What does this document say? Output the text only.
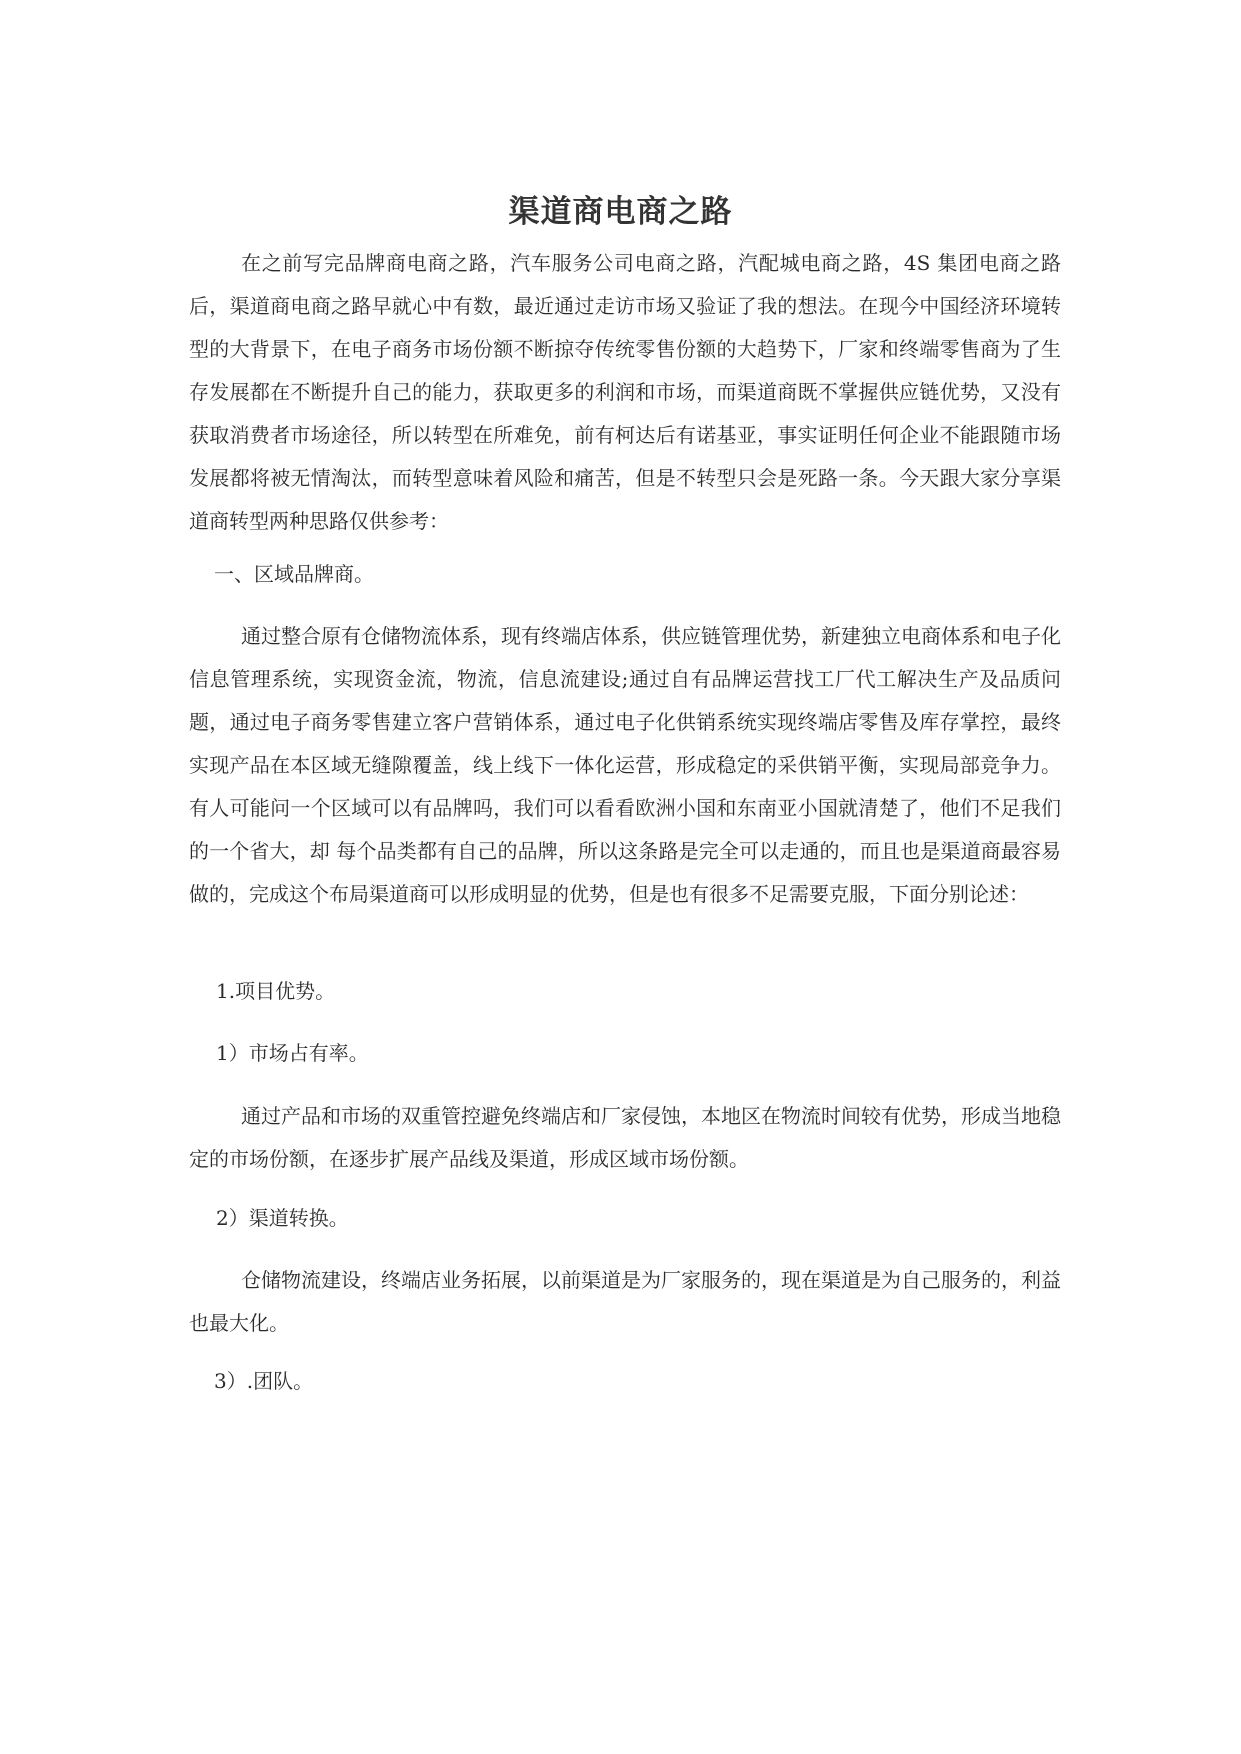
渠道商电商之路

在之前写完品牌商电商之路，汽车服务公司电商之路，汽配城电商之路，4S 集团电商之路后，渠道商电商之路早就心中有数，最近通过走访市场又验证了我的想法。在现今中国经济环境转型的大背景下，在电子商务市场份额不断掠夺传统零售份额的大趋势下，厂家和终端零售商为了生存发展都在不断提升自己的能力，获取更多的利润和市场，而渠道商既不掌握供应链优势，又没有获取消费者市场途径，所以转型在所难免，前有柯达后有诺基亚，事实证明任何企业不能跟随市场发展都将被无情淘汰，而转型意味着风险和痛苦，但是不转型只会是死路一条。今天跟大家分享渠道商转型两种思路仅供参考：

一、区域品牌商。

通过整合原有仓储物流体系，现有终端店体系，供应链管理优势，新建独立电商体系和电子化信息管理系统，实现资金流，物流，信息流建设;通过自有品牌运营找工厂代工解决生产及品质问题，通过电子商务零售建立客户营销体系，通过电子化供销系统实现终端店零售及库存掌控，最终实现产品在本区域无缝隙覆盖，线上线下一体化运营，形成稳定的采供销平衡，实现局部竞争力。有人可能问一个区域可以有品牌吗，我们可以看看欧洲小国和东南亚小国就清楚了，他们不足我们的一个省大，却 每个品类都有自己的品牌，所以这条路是完全可以走通的，而且也是渠道商最容易做的，完成这个布局渠道商可以形成明显的优势，但是也有很多不足需要克服，下面分别论述：

1.项目优势。

1）市场占有率。

通过产品和市场的双重管控避免终端店和厂家侵蚀，本地区在物流时间较有优势，形成当地稳定的市场份额，在逐步扩展产品线及渠道，形成区域市场份额。

2）渠道转换。

仓储物流建设，终端店业务拓展，以前渠道是为厂家服务的，现在渠道是为自己服务的，利益也最大化。

3）.团队。
